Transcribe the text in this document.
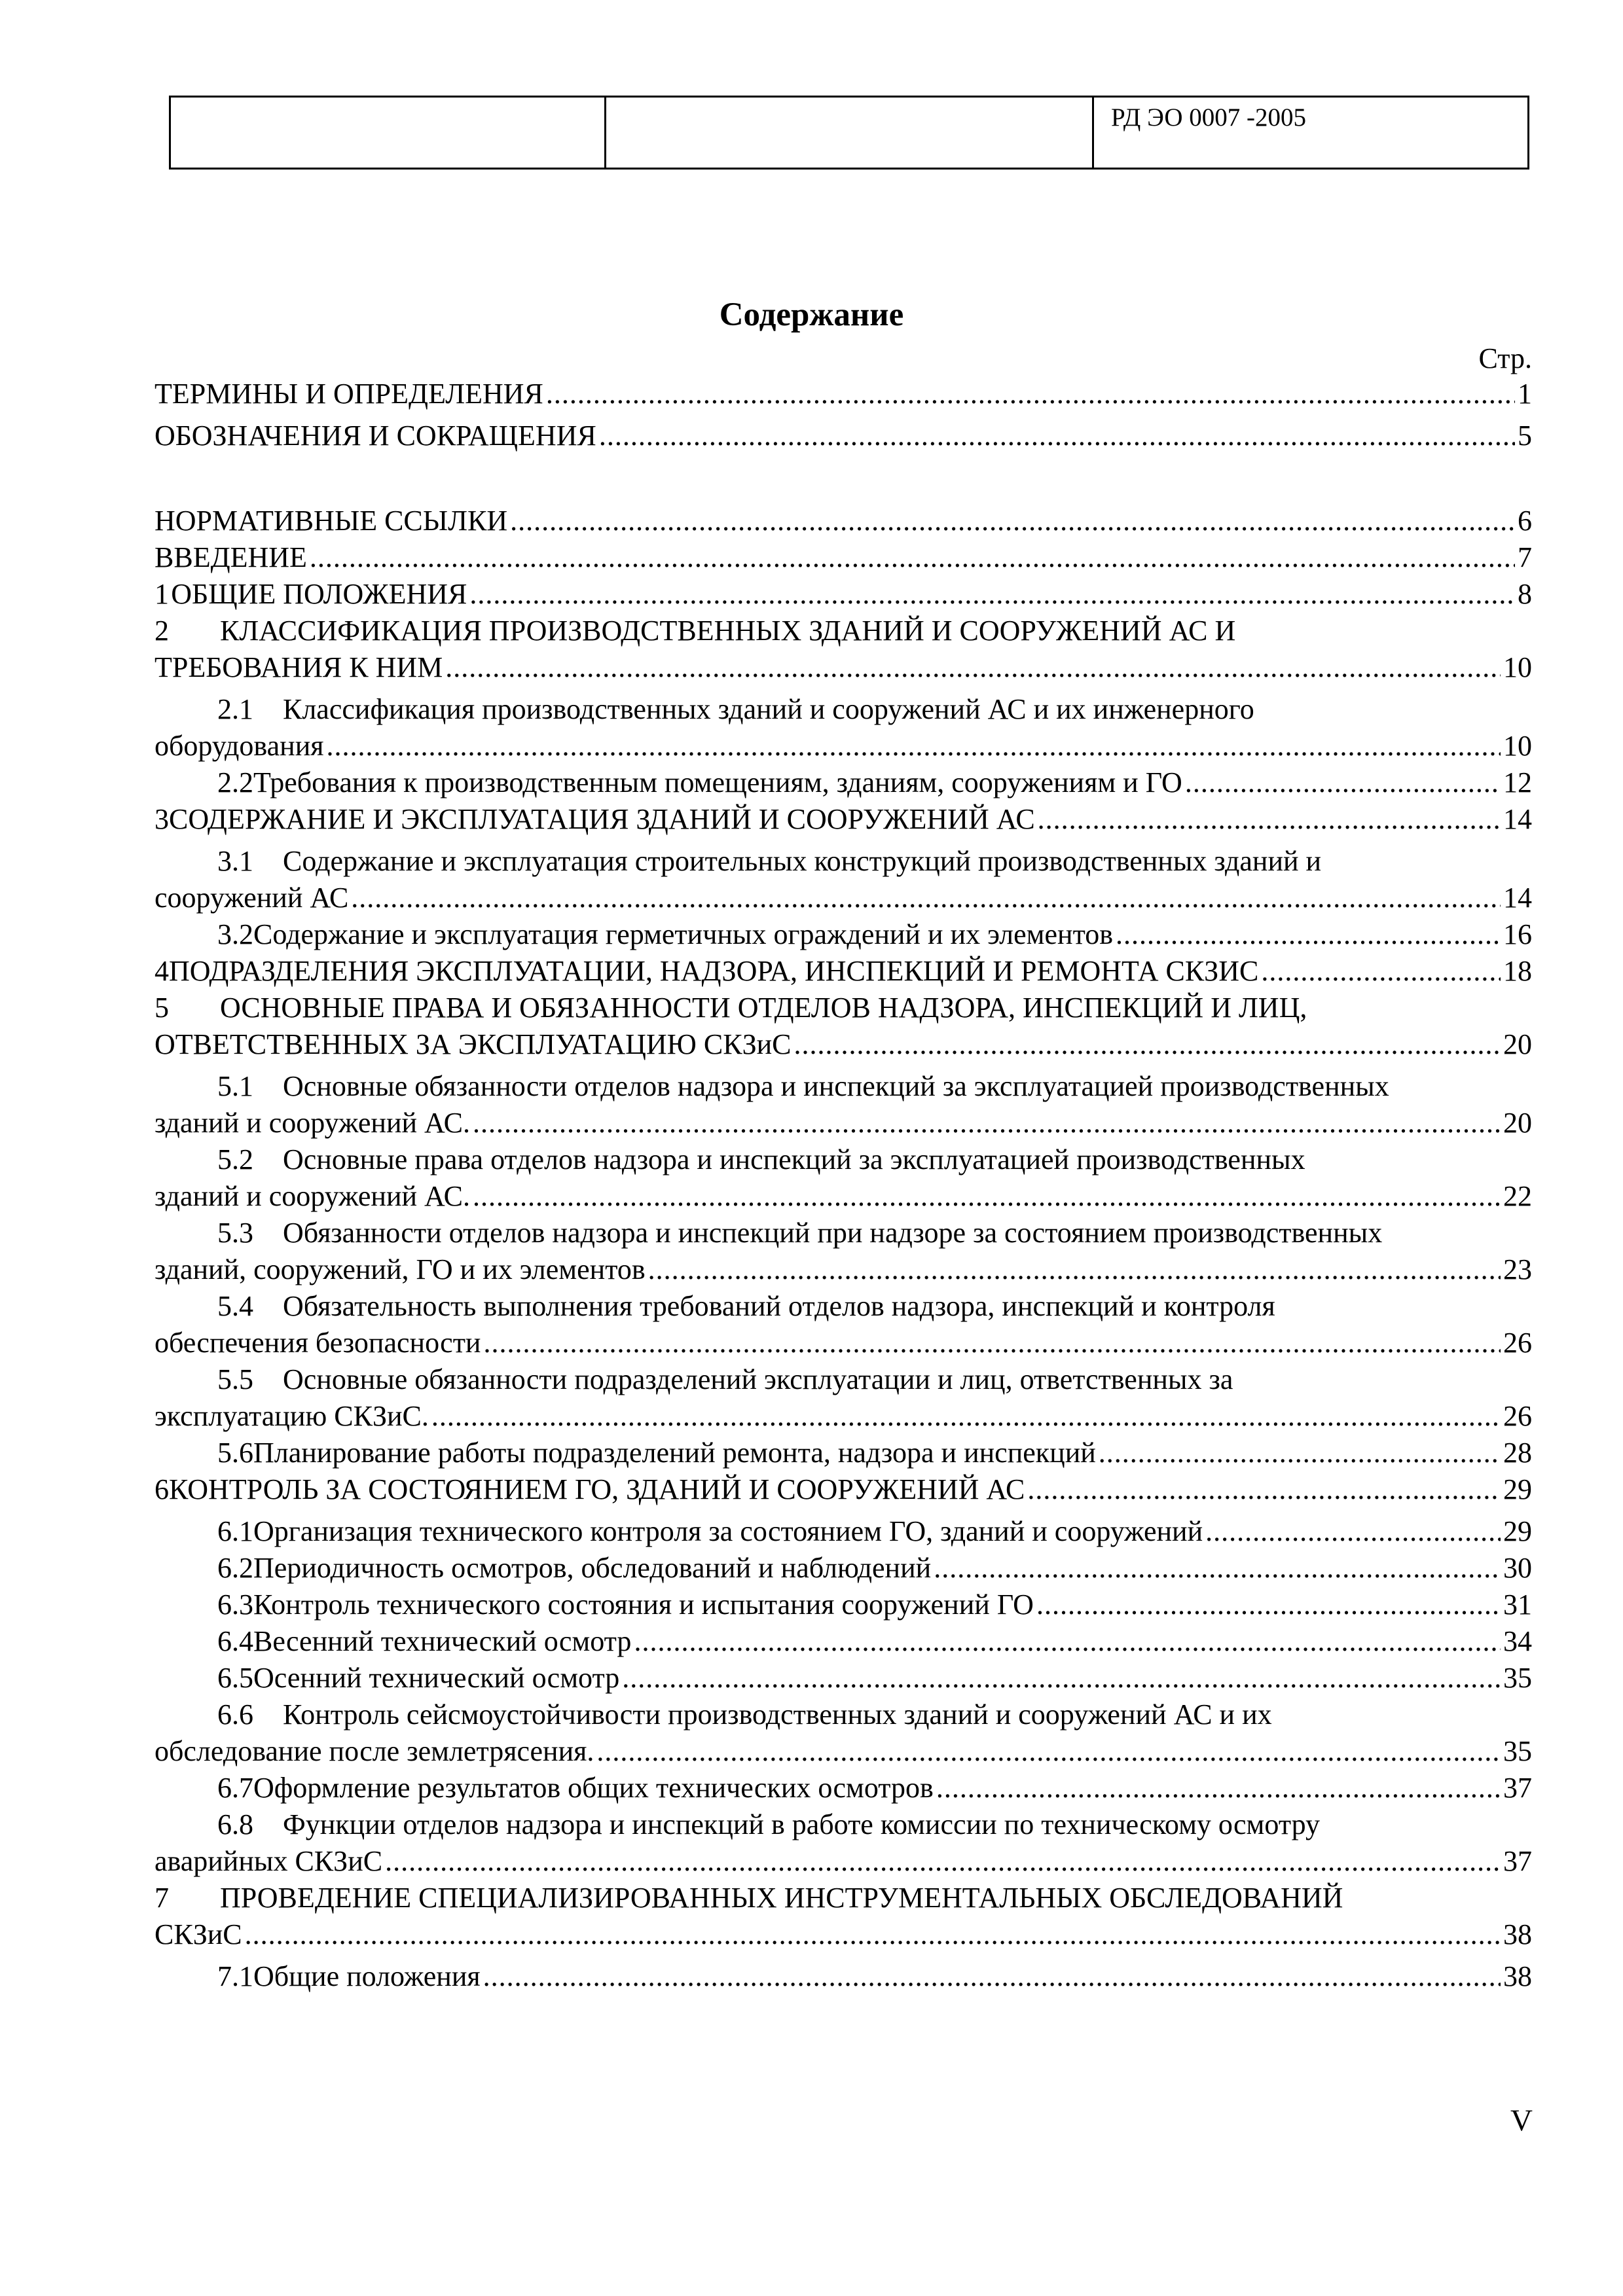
		РД ЭО 0007 -2005
Содержание
Стр.
ТЕРМИНЫ И ОПРЕДЕЛЕНИЯ .....	1
ОБОЗНАЧЕНИЯ И СОКРАЩЕНИЯ .....	5
НОРМАТИВНЫЕ ССЫЛКИ .....	6
ВВЕДЕНИЕ .....	7
1 ОБЩИЕ ПОЛОЖЕНИЯ .....	8
2	КЛАССИФИКАЦИЯ ПРОИЗВОДСТВЕННЫХ ЗДАНИЙ И СООРУЖЕНИЙ АС И
ТРЕБОВАНИЯ К НИМ .....	10
2.1	Классификация производственных зданий и сооружений АС и их инженерного
оборудования .....	10
2.2 Требования к производственным помещениям, зданиям, сооружениям и ГО .....	12
3 СОДЕРЖАНИЕ И ЭКСПЛУАТАЦИЯ ЗДАНИЙ И СООРУЖЕНИЙ АС .....	14
3.1	Содержание и эксплуатация строительных конструкций производственных зданий и
сооружений АС .....	14
3.2 Содержание и эксплуатация герметичных ограждений и их элементов .....	16
4 ПОДРАЗДЕЛЕНИЯ ЭКСПЛУАТАЦИИ, НАДЗОРА, ИНСПЕКЦИЙ И РЕМОНТА СКЗИС .....	18
5	ОСНОВНЫЕ ПРАВА И ОБЯЗАННОСТИ ОТДЕЛОВ НАДЗОРА, ИНСПЕКЦИЙ И ЛИЦ,
ОТВЕТСТВЕННЫХ ЗА ЭКСПЛУАТАЦИЮ СКЗиС .....	20
5.1	Основные обязанности отделов надзора и инспекций за эксплуатацией производственных
зданий и сооружений АС. .....	20
5.2	Основные права отделов надзора и инспекций за эксплуатацией производственных
зданий и сооружений АС. .....	22
5.3	Обязанности отделов надзора и инспекций при надзоре за состоянием производственных
зданий, сооружений, ГО и их элементов .....	23
5.4	Обязательность выполнения требований отделов надзора, инспекций и контроля
обеспечения безопасности .....	26
5.5	Основные обязанности подразделений эксплуатации и лиц, ответственных за
эксплуатацию СКЗиС. .....	26
5.6 Планирование работы подразделений ремонта, надзора и инспекций .....	28
6 КОНТРОЛЬ ЗА СОСТОЯНИЕМ ГО, ЗДАНИЙ И СООРУЖЕНИЙ АС .....	29
6.1 Организация технического контроля за состоянием ГО, зданий и сооружений .....	29
6.2 Периодичность осмотров, обследований и наблюдений .....	30
6.3 Контроль технического состояния и испытания сооружений ГО .....	31
6.4 Весенний технический осмотр .....	34
6.5 Осенний технический осмотр .....	35
6.6	Контроль сейсмоустойчивости производственных зданий и сооружений АС и их
обследование после землетрясения. .....	35
6.7 Оформление результатов общих технических осмотров .....	37
6.8	Функции отделов надзора и инспекций в работе комиссии по техническому осмотру
аварийных СКЗиС .....	37
7	ПРОВЕДЕНИЕ СПЕЦИАЛИЗИРОВАННЫХ ИНСТРУМЕНТАЛЬНЫХ ОБСЛЕДОВАНИЙ
СКЗиС .....	38
7.1 Общие положения .....	38
V
